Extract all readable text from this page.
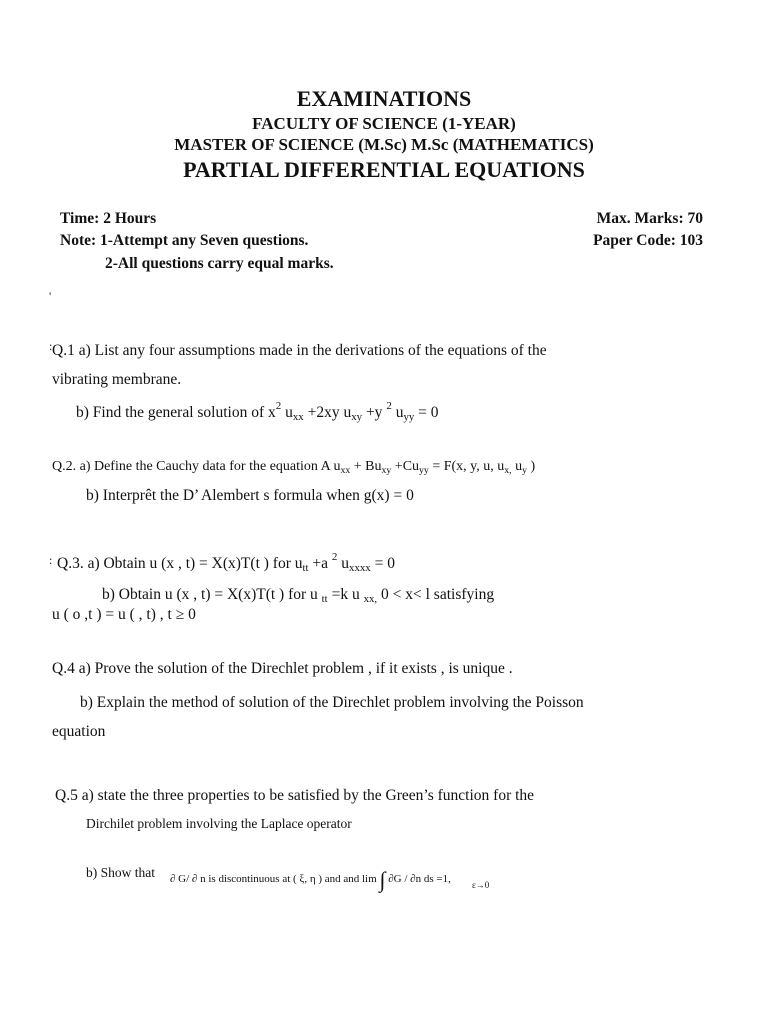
EXAMINATIONS
FACULTY OF SCIENCE (1-YEAR)
MASTER OF SCIENCE (M.Sc) M.Sc (MATHEMATICS)
PARTIAL DIFFERENTIAL EQUATIONS
Time: 2 Hours	Max. Marks: 70
Note: 1-Attempt any Seven questions.	Paper Code: 103
2-All questions carry equal marks.
'
:
:
Q.1 a) List any four assumptions made in the derivations of the equations of the
vibrating membrane.
b) Find the general solution of $x^2$ $u_{xx} +2xy$ $u_{xy} +y$ $^2$ $u_{yy} = 0$
Q.2. a) Define the Cauchy data for the equation A $u_{xx} + Bu_{xy} +Cu_{yy} = F(x$, y, u, $u_{x,}$ $u_y$ )
b) Interprêt the D’ Alembert s formula when g(x) = 0
Q.3. a) Obtain u (x , t) = X(x)T(t ) for $u_{tt} +a$ $^2$ $u_{xxxx} = 0$
b) Obtain u (x , t) = X(x)T(t ) for u $_{tt}$ =k u $_{xx,}$ 0 < x< l satisfying
u ( o ,t ) = u ( , t) , t ≥ 0
Q.4 a) Prove the solution of the Direchlet problem , if it exists , is unique .
b) Explain the method of solution of the Direchlet problem involving the Poisson
equation
Q.5 a) state the three properties to be satisfied by the Green’s function for the
Dirchilet problem involving the Laplace operator
b) Show that ∂ G/ ∂ n is discontinuous at ( ξ, η ) and and lim ∫ ∂G / ∂n ds =1, ε→0
